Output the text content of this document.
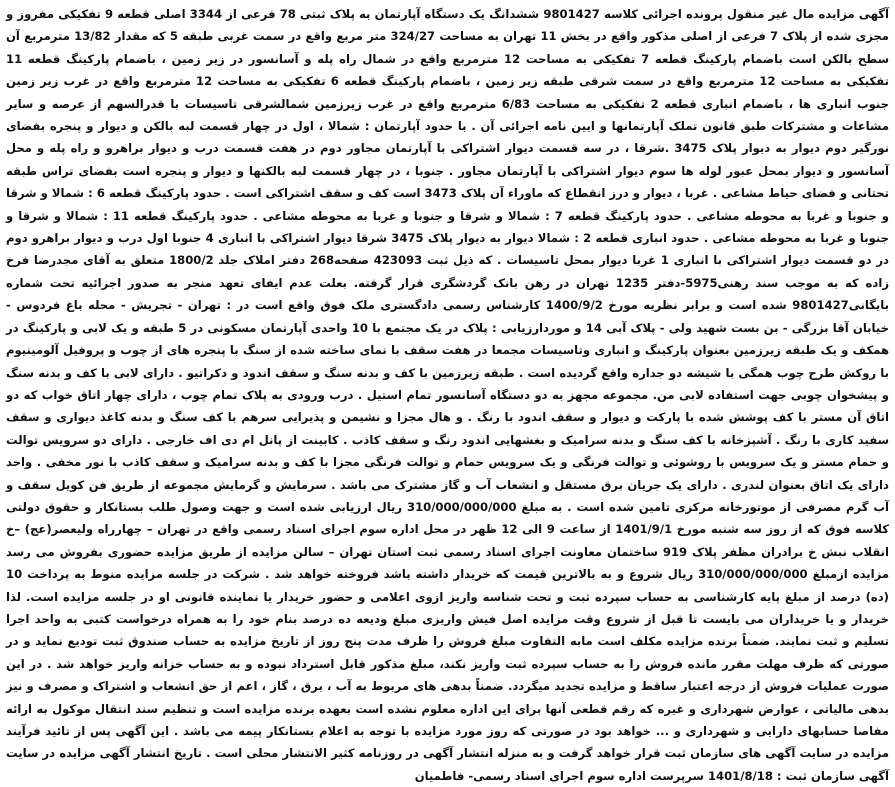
آگهی مزایده مال غیر منقول پرونده اجرائی کلاسه 9801427 ششدانگ یک دستگاه آپارتمان به پلاک ثبتی 78 فرعی از 3344 اصلی قطعه 9 تفکیکی مفروز و مجزی شده از پلاک 7 فرعی از اصلی مذکور واقع در بخش 11 تهران به مساحت 324/27 متر مربع واقع در سمت غربی طبقه 5 که مقدار 13/82 مترمربع آن سطح بالکن است باضمام پارکینگ قطعه 7 تفکیکی به مساحت 12 مترمربع واقع در شمال راه پله و آسانسور در زیر زمین ، باضمام پارکینگ قطعه 11 تفکیکی به مساحت 12 مترمربع واقع در سمت شرقی طبقه زیر زمین ، باضمام پارکینگ قطعه 6 تفکیکی به مساحت 12 مترمربع واقع در غرب زیر زمین جنوب انباری ها ، باضمام انباری قطعه 2 تفکیکی به مساحت 6/83 مترمربع واقع در غرب زیرزمین شمالشرقی تاسیسات با قدرالسهم از عرصه و سایر مشاعات و مشترکات طبق قانون تملک آپارتمانها و ایین نامه اجرائی آن . با حدود آپارتمان : شمالا ، اول در چهار قسمت لبه بالکن و دیوار و پنجره بفضای نورگیر دوم دیوار به دیوار پلاک 3475 .شرقا ، در سه قسمت دیوار اشتراکی با آپارتمان مجاور دوم در هفت قسمت درب و دیوار براهرو و راه پله و محل آسانسور و دیوار بمحل عبور لوله ها سوم دیوار اشتراکی با آپارتمان مجاور . جنوبا ، در چهار قسمت لبه بالکنها و دیوار و پنجره است بفضای تراس طبقه تحتانی و فضای حیاط مشاعی . غربا ، دیوار و درز انقطاع که ماوراء آن پلاک 3473 است کف و سقف اشتراکی است . حدود پارکینگ قطعه 6 : شمالا و شرقا و جنوبا و غربا به محوطه مشاعی . حدود پارکینگ قطعه 7 : شمالا و شرقا و جنوبا و غربا به محوطه مشاعی . حدود پارکینگ قطعه 11 : شمالا و شرقا و جنوبا و غربا به محوطه مشاعی . حدود انباری قطعه 2 : شمالا دیوار به دیوار پلاک 3475 شرقا دیوار اشتراکی با انباری 4 جنوبا اول درب و دیوار براهرو دوم در دو قسمت دیوار اشتراکی با انباری 1 غربا دیوار بمحل تاسیسات . که ذیل ثبت 423093 صفحه268 دفتر املاک جلد 1800/2 متعلق به آقای مجدرضا فرخ زاده که به موجب سند رهنی5975-دفتر 1235 تهران در رهن بانک گردشگری قرار گرفته. بعلت عدم ایفای تعهد منجر به صدور اجرائیه تحت شماره بایگانی9801427 شده است و برابر نظریه مورخ 1400/9/2 کارشناس رسمی دادگستری ملک فوق واقع است در : تهران - تجریش - محله باغ فردوس - خیابان آقا بزرگی - بن بست شهید ولی - پلاک آبی 14 و موردارزیابی : پلاک در یک مجتمع با 10 واحدی آپارتمان مسکونی در 5 طبقه و یک لابی و پارکینگ در همکف و یک طبقه زیرزمین بعنوان پارکینگ و انباری وتاسیسات مجمعا در هفت سقف با نمای ساخته شده از سنگ با پنجره های از چوب و پروفیل آلومینیوم با روکش طرح چوب همگی با شیشه دو جداره واقع گردیده است . طبقه زیرزمین با کف و بدنه سنگ و سقف اندود و دکراتیو . دارای لابی با کف و بدنه سنگ و پیشخوان چوبی جهت استفاده لابی من. مجموعه مجهز به دو دستگاه آسانسور تمام استیل . درب ورودی به پلاک تمام چوب ، دارای چهار اتاق خواب که دو اتاق آن مستر با کف پوشش شده با پارکت و دیوار و سقف اندود با رنگ . و هال مجزا و نشیمن و پذیرایی سرهم با کف سنگ و بدنه کاغذ دیواری و سقف سفید کاری با رنگ . آشپزخانه با کف سنگ و بدنه سرامیک و بغشهایی اندود رنگ و سقف کاذب . کابینت از پانل ام دی اف خارجی . دارای دو سرویس توالت و حمام مستر و یک سرویس با روشوئی و توالت فرنگی و یک سرویس حمام و توالت فرنگی مجزا با کف و بدنه سرامیک و سقف کاذب با نور مخفی . واحد دارای یک اتاق بعنوان لندری . دارای یک جریان برق مستقل و انشعاب آب و گاز مشترک می باشد . سرمایش و گرمایش مجموعه از طریق فن کویل سقف و آب گرم مصرفی از موتورخانه مرکزی تامین شده است . به مبلغ 310/000/000/000 ریال ارزیابی شده است و جهت وصول طلب بستانکار و حقوق دولتی کلاسه فوق که از روز سه شنبه مورخ 1401/9/1 از ساعت 9 الی 12 ظهر در محل اداره سوم اجرای اسناد رسمی واقع در تهران – چهارراه ولیعصر(عج) –خ انقلاب نبش خ برادران مظفر پلاک 919 ساختمان معاونت اجرای اسناد رسمی ثبت استان تهران – سالن مزایده از طریق مزایده حضوری بفروش می رسد مزایده ازمبلغ 310/000/000/000 ریال شروع و به بالاترین قیمت که خریدار داشته باشد فروخته خواهد شد . شرکت در جلسه مزایده منوط به پرداخت 10 (ده) درصد از مبلغ پایه کارشناسی به حساب سپرده ثبت و تحت شناسه واریز ازوی اعلامی و حضور خریدار یا نماینده قانونی او در جلسه مزایده است. لذا خریدار و یا خریداران می بایست تا قبل از شروع وقت مزایده اصل فیش واریزی مبلغ ودیعه ده درصد بنام خود را به همراه درخواست کتبی به واحد اجرا تسلیم و ثبت نمایند. ضمناً برنده مزایده مکلف است مابه التفاوت مبلغ فروش را ظرف مدت پنج روز از تاریخ مزایده به حساب صندوق ثبت تودیع نماید و در صورتی که ظرف مهلت مقرر مانده فروش را به حساب سپرده ثبت واریز نکند، مبلغ مذکور قابل استرداد نبوده و به حساب خزانه واریز خواهد شد . در این صورت عملیات فروش از درجه اعتبار ساقط و مزایده تجدید میگردد. ضمناً بدهی های مربوط به آب ، برق ، گاز ، اعم از حق انشعاب و اشتراک و مصرف و نیز بدهی مالیاتی ، عوارض شهرداری و غیره که رقم قطعی آنها برای این اداره معلوم نشده است بعهده برنده مزایده است و تنظیم سند انتقال موکول به ارائه مفاصا حسابهای دارایی و شهرداری و ... خواهد بود در صورتی که روز مورد مزایده با توجه به اعلام بستانکار پیمه می باشد . این آگهی پس از تائید فرآیند مزایده در سایت آگهی های سازمان ثبت قرار خواهد گرفت و به منزله انتشار آگهی در روزنامه کثیر الانتشار محلی است . تاریخ انتشار آگهی مزایده در سایت آگهی سازمان ثبت : 1401/8/18 سرپرست اداره سوم اجرای اسناد رسمی- فاطمیان
